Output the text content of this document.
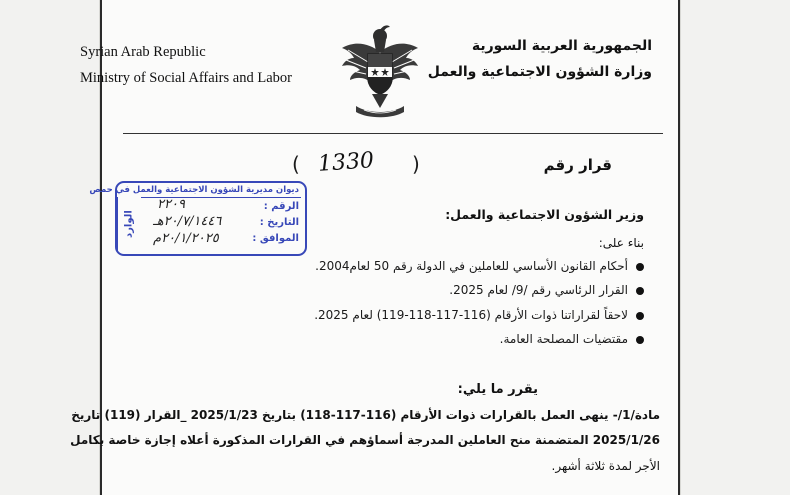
Syrian Arab Republic
Ministry of Social Affairs and Labor
الجمهورية العربية السورية
وزارة الشؤون الاجتماعية والعمل
قرار رقم
( 1330 )
ديوان مديرية الشؤون الاجتماعية والعمل في حمص
الوارد
الرقم :
التاريخ :
الموافق :
٢٢٠٩
٢٠/٧/١٤٤٦هـ
٢٠/١/٢٠٢٥م
وزير الشؤون الاجتماعية والعمل:
بناء على:
أحكام القانون الأساسي للعاملين في الدولة رقم 50 لعام2004.
القرار الرئاسي رقم /9/ لعام 2025.
لاحقاً لقراراتنا ذوات الأرقام (116-117-118-119) لعام 2025.
مقتضيات المصلحة العامة.
يقرر ما يلي:
مادة/1/- ينهى العمل بالقرارات ذوات الأرقام (116-117-118) بتاريخ 2025/1/23 _القرار (119) تاريخ
2025/1/26 المتضمنة منح العاملين المدرجة أسماؤهم في القرارات المذكورة أعلاه إجازة خاصة بكامل
الأجر لمدة ثلاثة أشهر.
